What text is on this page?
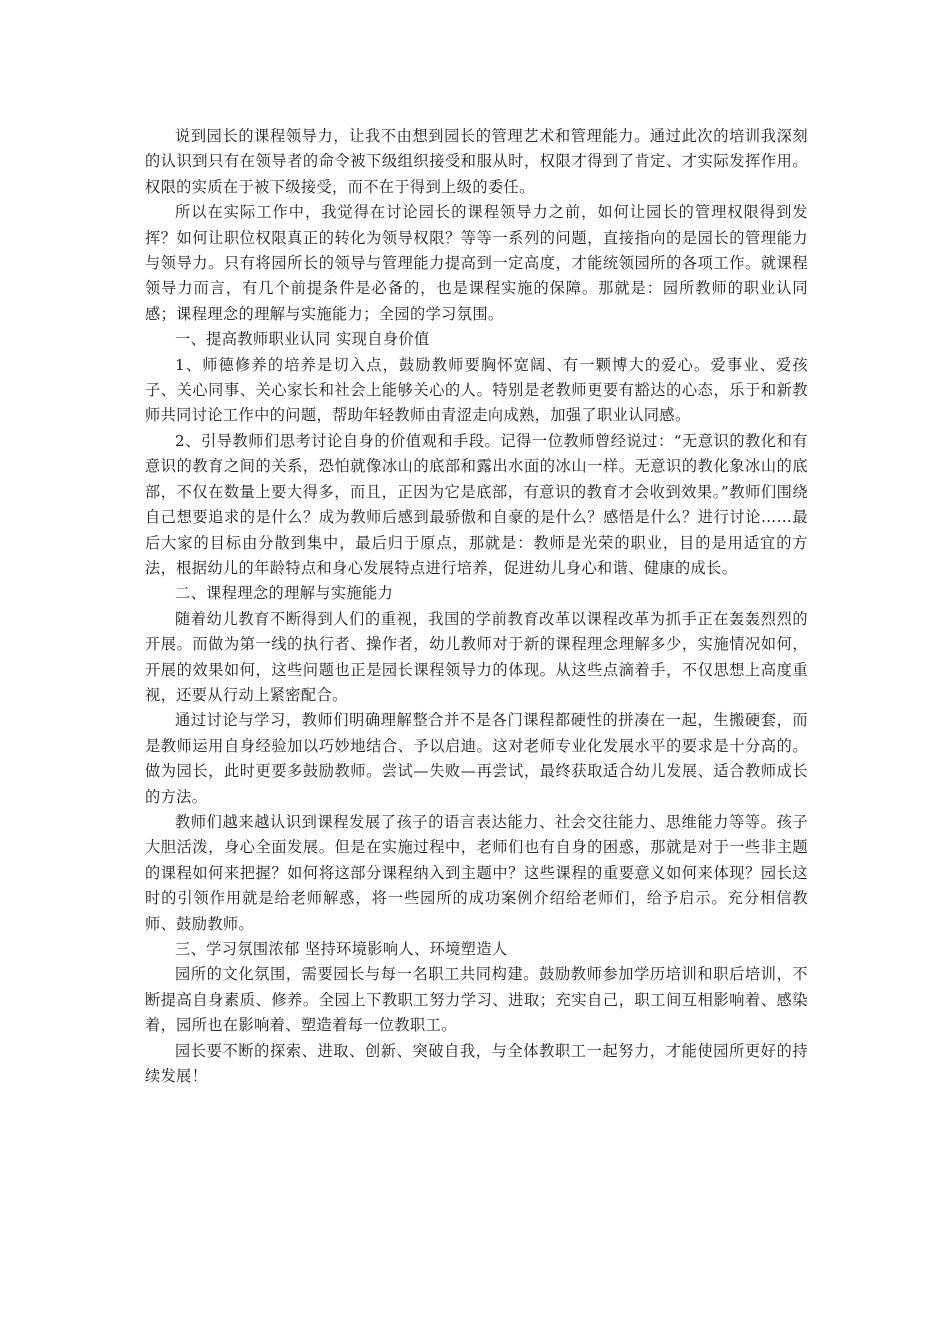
说到园长的课程领导力，让我不由想到园长的管理艺术和管理能力。通过此次的培训我深刻的认识到只有在领导者的命令被下级组织接受和服从时，权限才得到了肯定、才实际发挥作用。权限的实质在于被下级接受，而不在于得到上级的委任。

所以在实际工作中，我觉得在讨论园长的课程领导力之前，如何让园长的管理权限得到发挥？如何让职位权限真正的转化为领导权限？等等一系列的问题，直接指向的是园长的管理能力与领导力。只有将园所长的领导与管理能力提高到一定高度，才能统领园所的各项工作。就课程领导力而言，有几个前提条件是必备的，也是课程实施的保障。那就是：园所教师的职业认同感；课程理念的理解与实施能力；全园的学习氛围。

一、提高教师职业认同 实现自身价值

1、师德修养的培养是切入点，鼓励教师要胸怀宽阔、有一颗博大的爱心。爱事业、爱孩子、关心同事、关心家长和社会上能够关心的人。特别是老教师更要有豁达的心态，乐于和新教师共同讨论工作中的问题，帮助年轻教师由青涩走向成熟，加强了职业认同感。

2、引导教师们思考讨论自身的价值观和手段。记得一位教师曾经说过：“无意识的教化和有意识的教育之间的关系，恐怕就像冰山的底部和露出水面的冰山一样。无意识的教化象冰山的底部，不仅在数量上要大得多，而且，正因为它是底部，有意识的教育才会收到效果。”教师们围绕自己想要追求的是什么？成为教师后感到最骄傲和自豪的是什么？感悟是什么？进行讨论……最后大家的目标由分散到集中，最后归于原点，那就是：教师是光荣的职业，目的是用适宜的方法，根据幼儿的年龄特点和身心发展特点进行培养，促进幼儿身心和谐、健康的成长。

二、课程理念的理解与实施能力

随着幼儿教育不断得到人们的重视，我国的学前教育改革以课程改革为抓手正在轰轰烈烈的开展。而做为第一线的执行者、操作者，幼儿教师对于新的课程理念理解多少，实施情况如何，开展的效果如何，这些问题也正是园长课程领导力的体现。从这些点滴着手，不仅思想上高度重视，还要从行动上紧密配合。

通过讨论与学习，教师们明确理解整合并不是各门课程都硬性的拼凑在一起，生搬硬套，而是教师运用自身经验加以巧妙地结合、予以启迪。这对老师专业化发展水平的要求是十分高的。做为园长，此时更要多鼓励教师。尝试—失败—再尝试，最终获取适合幼儿发展、适合教师成长的方法。

教师们越来越认识到课程发展了孩子的语言表达能力、社会交往能力、思维能力等等。孩子大胆活泼，身心全面发展。但是在实施过程中，老师们也有自身的困惑，那就是对于一些非主题的课程如何来把握？如何将这部分课程纳入到主题中？这些课程的重要意义如何来体现？园长这时的引领作用就是给老师解惑，将一些园所的成功案例介绍给老师们，给予启示。充分相信教师、鼓励教师。

三、学习氛围浓郁 坚持环境影响人、环境塑造人

园所的文化氛围，需要园长与每一名职工共同构建。鼓励教师参加学历培训和职后培训，不断提高自身素质、修养。全园上下教职工努力学习、进取；充实自己，职工间互相影响着、感染着，园所也在影响着、塑造着每一位教职工。

园长要不断的探索、进取、创新、突破自我，与全体教职工一起努力，才能使园所更好的持续发展！
